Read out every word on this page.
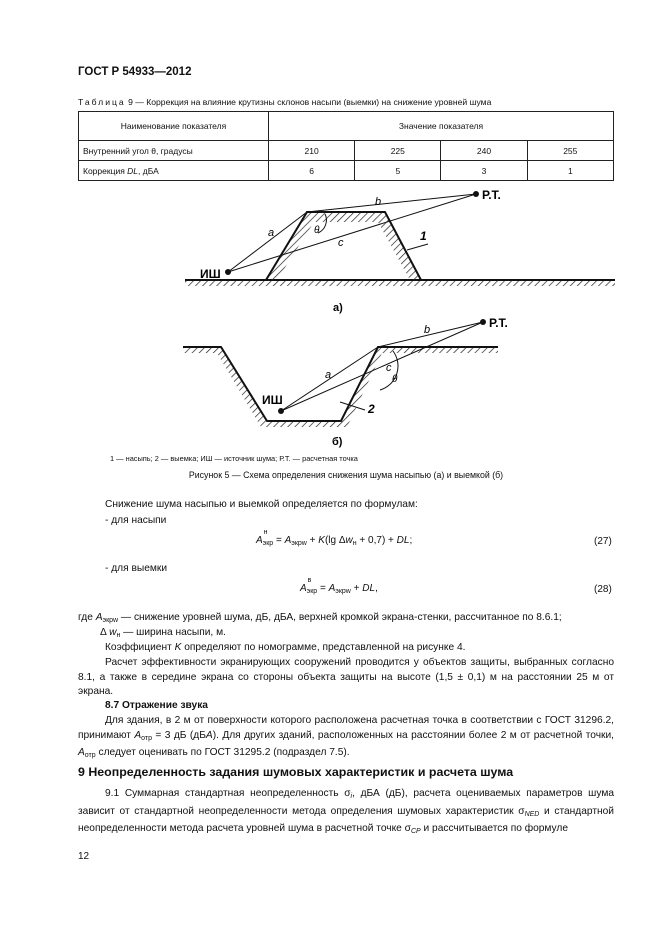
ГОСТ Р 54933—2012
Таблица 9 — Коррекция на влияние крутизны склонов насыпи (выемки) на снижение уровней шума
Наименование показателя	Значение показателя			
Внутренний угол θ, градусы	210	225	240	255
Коррекция DL, дБА	6	5	3	1
Р.Т.
ИШ
a
b
c
θ	1
а)
Р.Т.
ИШ
a
b
c
θ
2
б)
1 — насыпь; 2 — выемка; ИШ — источник шума; Р.Т. — расчетная точка
Рисунок 5 — Схема определения снижения шума насыпью (а) и выемкой (б)
Снижение шума насыпью и выемкой определяется по формулам:
- для насыпи
A
н
$_{экр} = A_{экрw} + K(\lg$ $\Delta w_н + 0,7$) + DL;	(27)
- для выемки
A
в
$_{экр} = A_{экрw}$ + DL,	(28)
где $A_{экрw}$ — снижение уровней шума, дБ, дБА, верхней кромкой экрана-стенки, рассчитанное по 8.6.1;
Δ $w_н$ — ширина насыпи, м.
Коэффициент K определяют по номограмме, представленной на рисунке 4.
Расчет эффективности экранирующих сооружений проводится у объектов защиты, выбранных согласно 8.1, а также в середине экрана со стороны объекта защиты на высоте (1,5 ± 0,1) м на расстоянии 25 м от экрана.
8.7 Отражение звука
Для здания, в 2 м от поверхности которого расположена расчетная точка в соответствии с ГОСТ 31296.2, принимают $A_{отр} = 3$ дБ (дБA). Для других зданий, расположенных на расстоянии более 2 м от расчетной точки, $A_{отр}$ следует оценивать по ГОСТ 31295.2 (подраздел 7.5).
9 Неопределенность задания шумовых характеристик и расчета шума
9.1 Суммарная стандартная неопределенность $\sigma_i$, дБА (дБ), расчета оцениваемых параметров шума зависит от стандартной неопределенности метода определения шумовых характеристик $\sigma_{NED}$ и стандартной неопределенности метода расчета уровней шума в расчетной точке $\sigma_{CP}$ и рассчитывается по формуле
12
